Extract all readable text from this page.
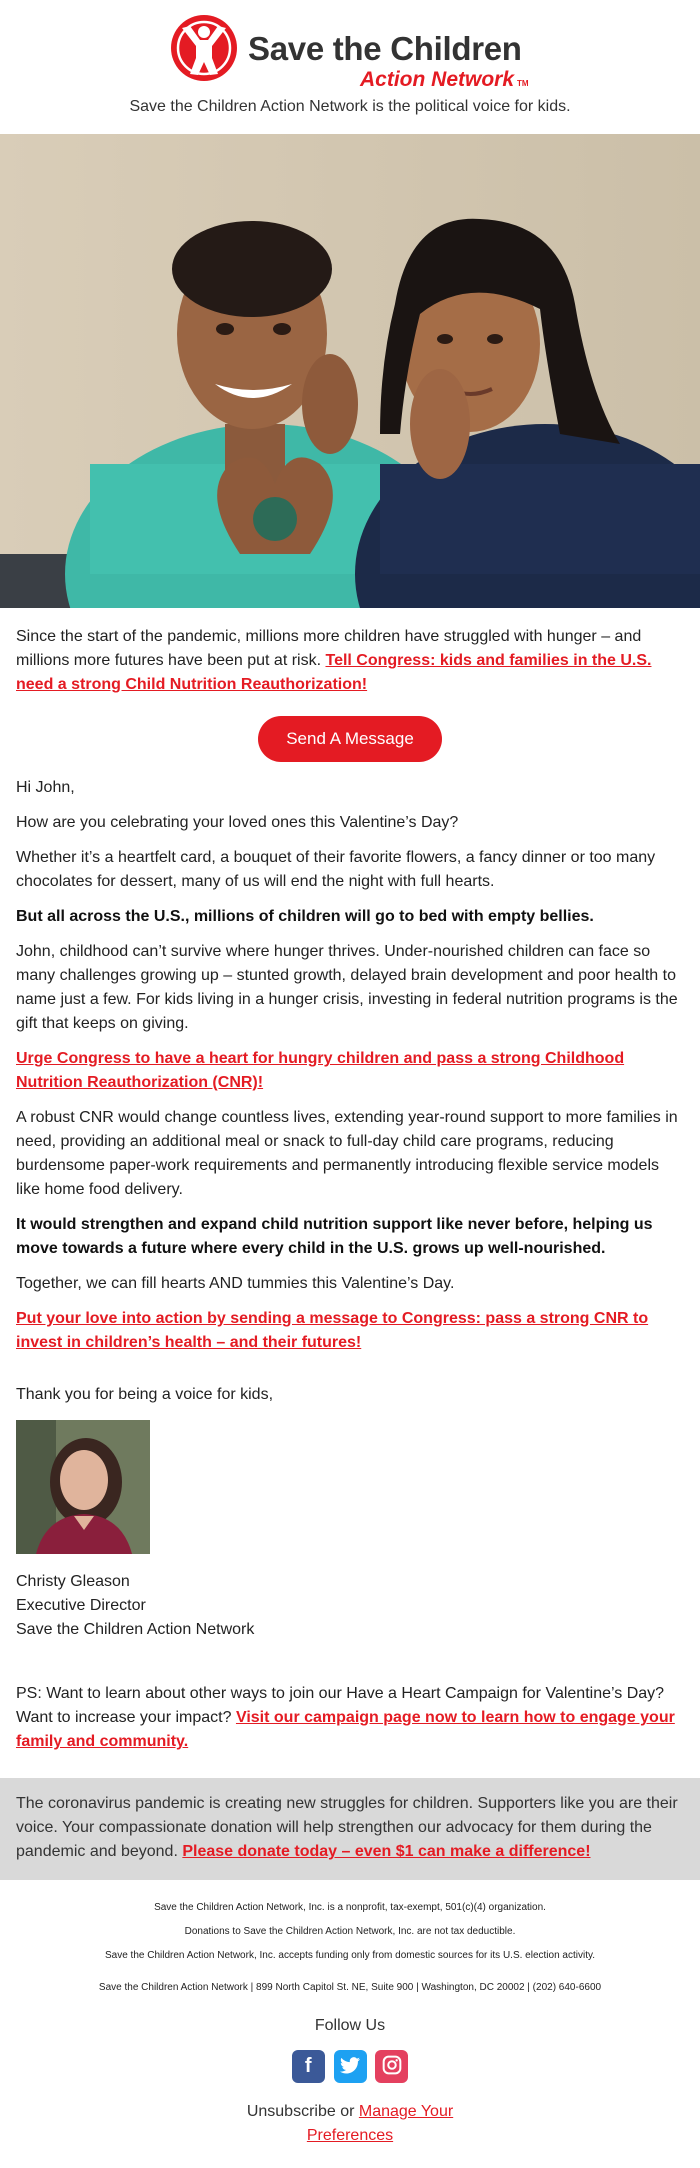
Save the Children
Action Network TM
Save the Children Action Network is the political voice for kids.

Since the start of the pandemic, millions more children have struggled with hunger – and millions more futures have been put at risk. Tell Congress: kids and families in the U.S. need a strong Child Nutrition Reauthorization!

Send A Message

Hi John,

How are you celebrating your loved ones this Valentine’s Day?

Whether it’s a heartfelt card, a bouquet of their favorite flowers, a fancy dinner or too many chocolates for dessert, many of us will end the night with full hearts.

But all across the U.S., millions of children will go to bed with empty bellies.

John, childhood can’t survive where hunger thrives. Under-nourished children can face so many challenges growing up – stunted growth, delayed brain development and poor health to name just a few. For kids living in a hunger crisis, investing in federal nutrition programs is the gift that keeps on giving.

Urge Congress to have a heart for hungry children and pass a strong Childhood Nutrition Reauthorization (CNR)!

A robust CNR would change countless lives, extending year-round support to more families in need, providing an additional meal or snack to full-day child care programs, reducing burdensome paper-work requirements and permanently introducing flexible service models like home food delivery.

It would strengthen and expand child nutrition support like never before, helping us move towards a future where every child in the U.S. grows up well-nourished.

Together, we can fill hearts AND tummies this Valentine’s Day.

Put your love into action by sending a message to Congress: pass a strong CNR to invest in children’s health – and their futures!

Thank you for being a voice for kids,

Christy Gleason
Executive Director
Save the Children Action Network

PS: Want to learn about other ways to join our Have a Heart Campaign for Valentine’s Day? Want to increase your impact? Visit our campaign page now to learn how to engage your family and community.

The coronavirus pandemic is creating new struggles for children. Supporters like you are their voice. Your compassionate donation will help strengthen our advocacy for them during the pandemic and beyond. Please donate today – even $1 can make a difference!
Save the Children Action Network, Inc. is a nonprofit, tax-exempt, 501(c)(4) organization.
Donations to Save the Children Action Network, Inc. are not tax deductible.
Save the Children Action Network, Inc. accepts funding only from domestic sources for its U.S. election activity.
Save the Children Action Network | 899 North Capitol St. NE, Suite 900 | Washington, DC 20002 | (202) 640-6600
Follow Us
f
Unsubscribe or Manage Your
Preferences
